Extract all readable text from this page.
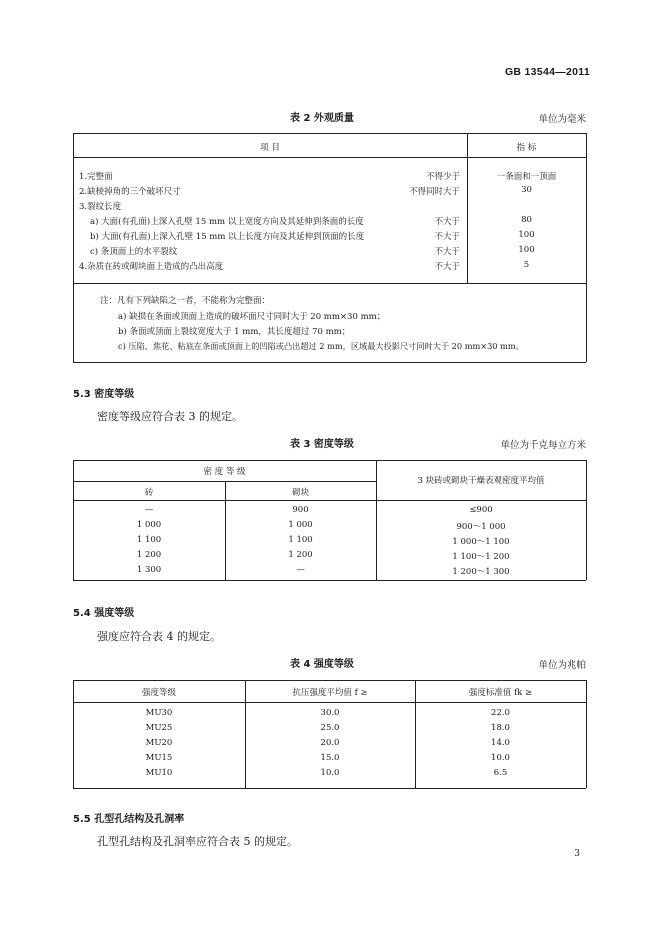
GB 13544—2011
表 2 外观质量	单位为毫米
项 目	指 标
1.完整面	不得少于	一条面和一顶面
2.缺棱掉角的三个破坏尺寸	不得同时大于	30
3.裂纹长度
a) 大面(有孔面)上深入孔壁 15 mm 以上宽度方向及其延伸到条面的长度	不大于	80
b) 大面(有孔面)上深入孔壁 15 mm 以上长度方向及其延伸到顶面的长度	不大于	100
c) 条顶面上的水平裂纹	不大于	100
4.杂质在砖或砌块面上造成的凸出高度	不大于	5
注：凡有下列缺陷之一者，不能称为完整面：
a) 缺损在条面或顶面上造成的破坏面尺寸同时大于 20 mm×30 mm；
b) 条面或顶面上裂纹宽度大于 1 mm，其长度超过 70 mm；
c) 压陷、焦花、粘底在条面或顶面上的凹陷或凸出超过 2 mm，区域最大投影尺寸同时大于 20 mm×30 mm。
5.3 密度等级
密度等级应符合表 3 的规定。
表 3 密度等级	单位为千克每立方米
密 度 等 级
砖	砌块
3 块砖或砌块干燥表观密度平均值
—	900	≤900
1 000	1 000	900～1 000
1 100	1 100	1 000～1 100
1 200	1 200	1 100～1 200
1 300	—	1 200～1 300
5.4 强度等级
强度应符合表 4 的规定。
表 4 强度等级	单位为兆帕
强度等级	抗压强度平均值 f ≥	强度标准值 fk ≥
MU30	30.0	22.0
MU25	25.0	18.0
MU20	20.0	14.0
MU15	15.0	10.0
MU10	10.0	6.5
5.5 孔型孔结构及孔洞率
孔型孔结构及孔洞率应符合表 5 的规定。
3
